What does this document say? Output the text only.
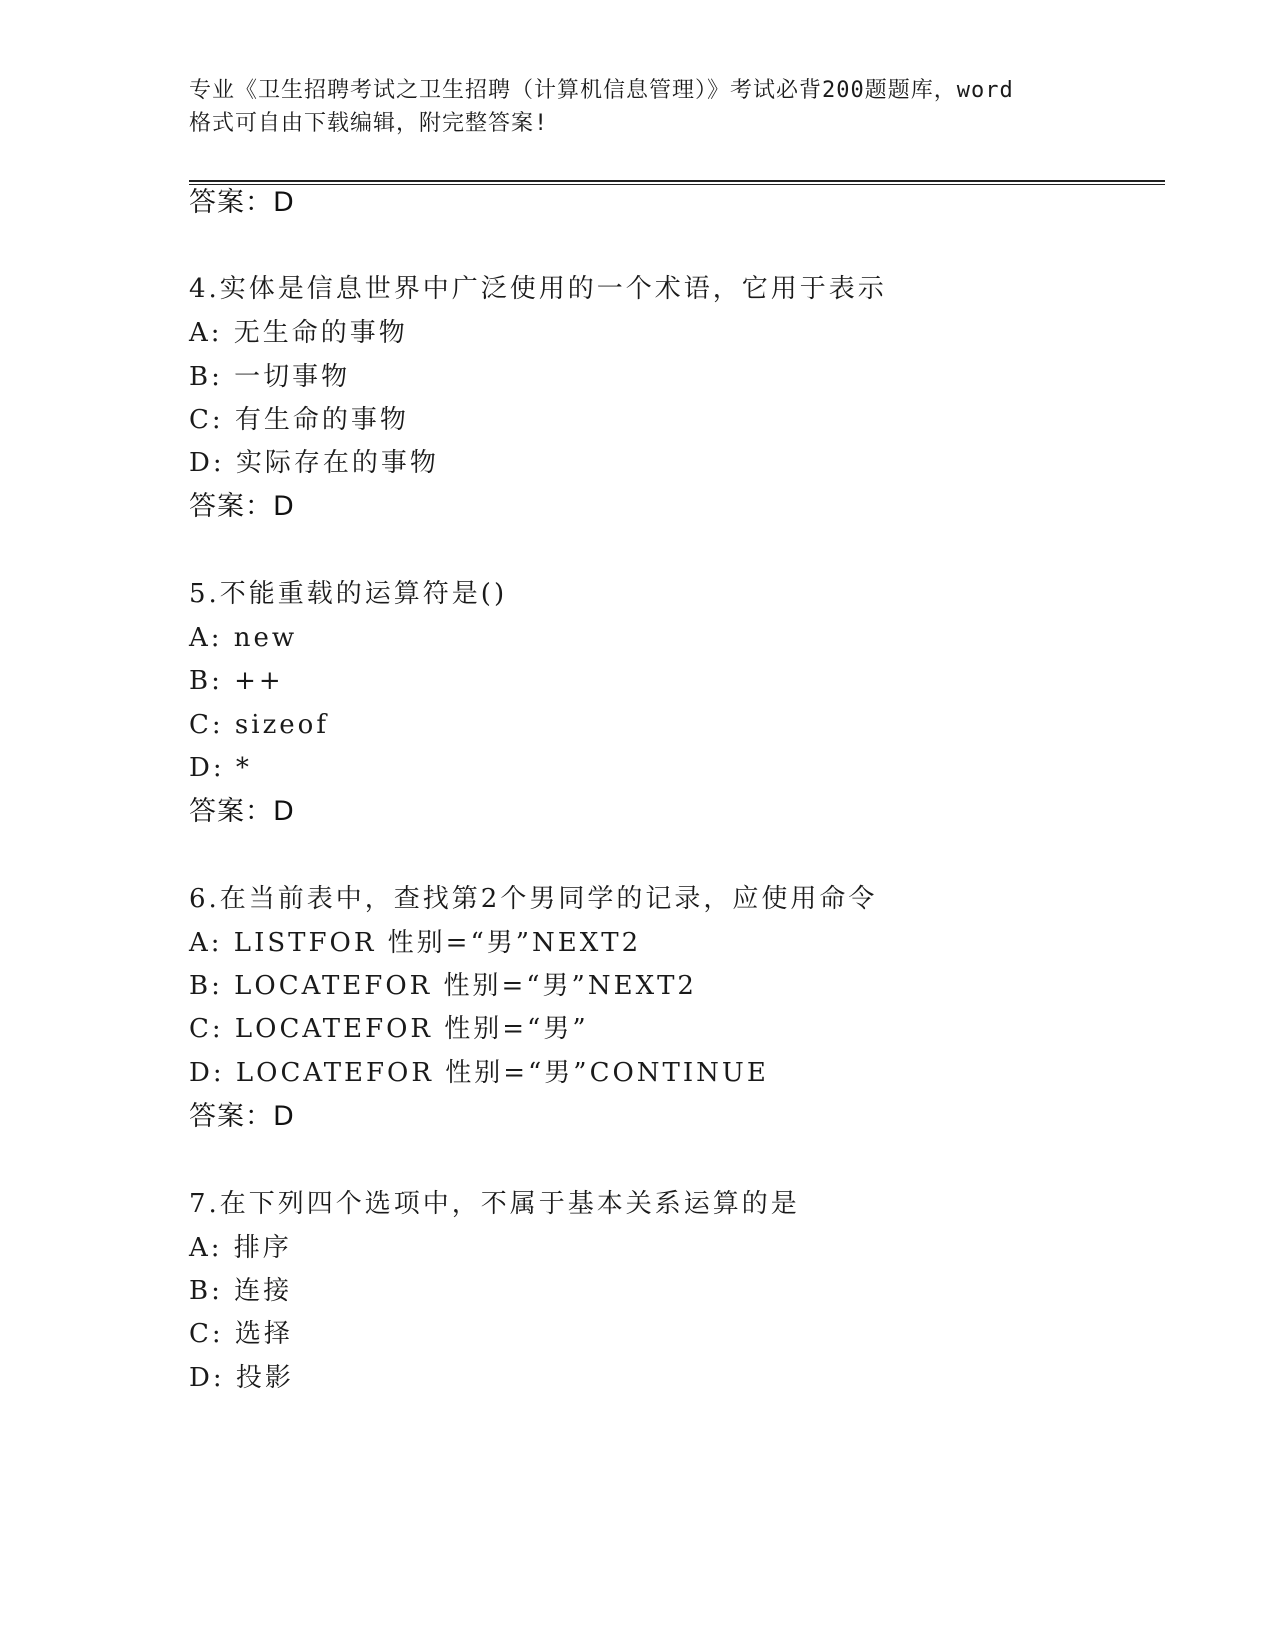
专业《卫生招聘考试之卫生招聘（计算机信息管理）》考试必背200题题库，word
格式可自由下载编辑，附完整答案!
答案：D
4.实体是信息世界中广泛使用的一个术语，它用于表示
A: 无生命的事物
B: 一切事物
C: 有生命的事物
D: 实际存在的事物
答案：D
5.不能重载的运算符是()
A: new
B: ++
C: sizeof
D: *
答案：D
6.在当前表中，查找第2个男同学的记录，应使用命令
A: LISTFOR 性别=“男”NEXT2
B: LOCATEFOR 性别=“男”NEXT2
C: LOCATEFOR 性别=“男”
D: LOCATEFOR 性别=“男”CONTINUE
答案：D
7.在下列四个选项中，不属于基本关系运算的是
A: 排序
B: 连接
C: 选择
D: 投影
